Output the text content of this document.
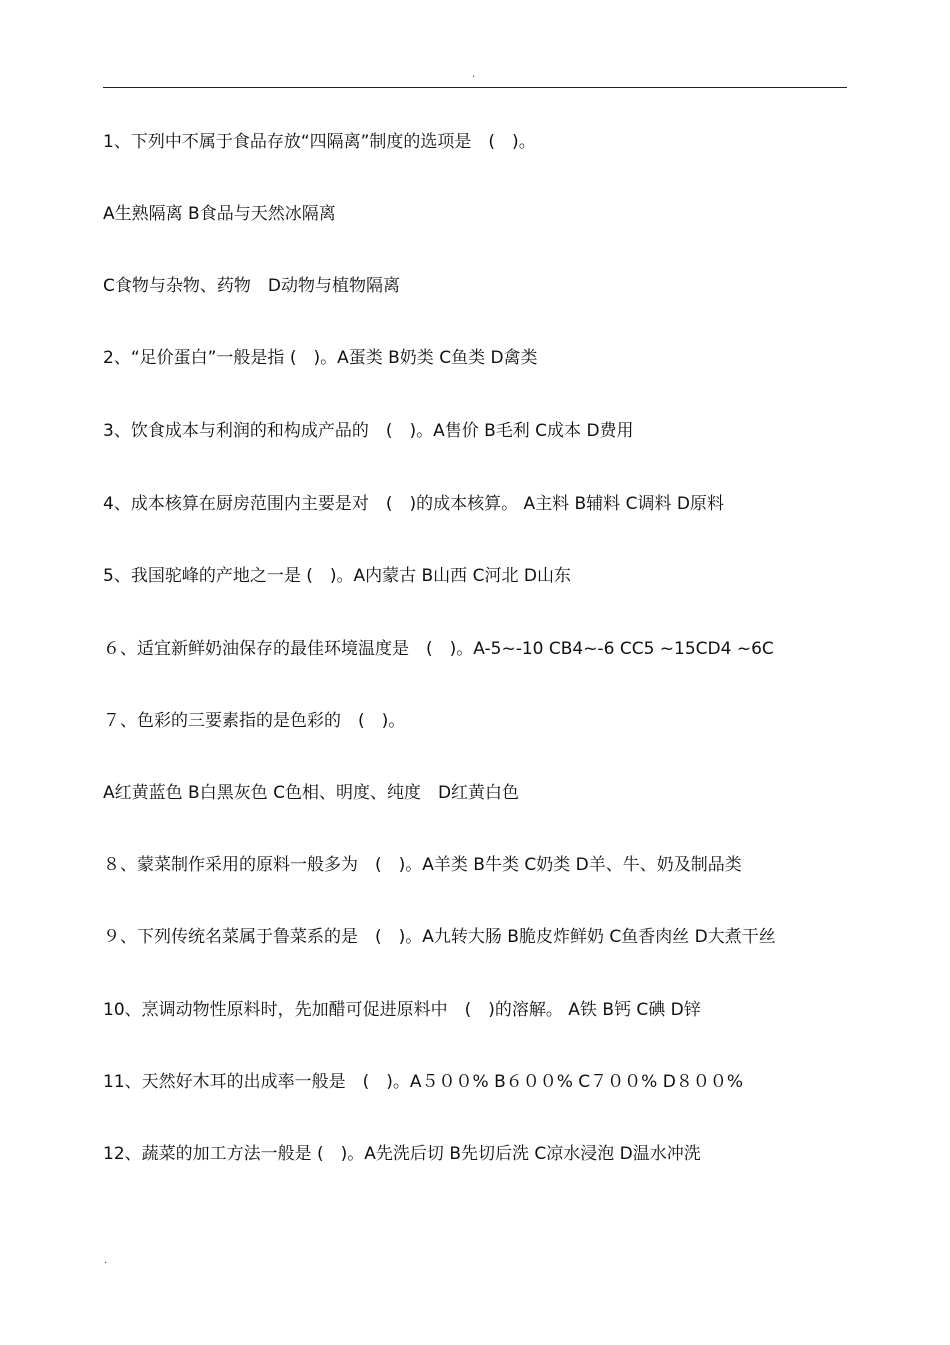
.
1、下列中不属于食品存放“四隔离”制度的选项是　(　)。
A生熟隔离 B食品与天然冰隔离
C食物与杂物、药物　D动物与植物隔离
2、“足价蛋白”一般是指 (　)。A蛋类 B奶类 C鱼类 D禽类
3、饮食成本与利润的和构成产品的　(　)。A售价 B毛利 C成本 D费用
4、成本核算在厨房范围内主要是对　(　)的成本核算。 A主料 B辅料 C调料 D原料
5、我国驼峰的产地之一是 (　)。A内蒙古 B山西 C河北 D山东
６、适宜新鲜奶油保存的最佳环境温度是　(　)。A-5~-10 CB4~-6 CC5 ~15CD4 ~6C
７、色彩的三要素指的是色彩的　(　)。
A红黄蓝色 B白黑灰色 C色相、明度、纯度　D红黄白色
８、蒙菜制作采用的原料一般多为　(　)。A羊类 B牛类 C奶类 D羊、牛、奶及制品类
９、下列传统名菜属于鲁菜系的是　(　)。A九转大肠 B脆皮炸鲜奶 C鱼香肉丝 D大煮干丝
10、烹调动物性原料时，先加醋可促进原料中　(　)的溶解。 A铁 B钙 C碘 D锌
11、天然好木耳的出成率一般是　(　)。A５００% B６００% C７００% D８００%
12、蔬菜的加工方法一般是 (　)。A先洗后切 B先切后洗 C凉水浸泡 D温水冲洗
.
